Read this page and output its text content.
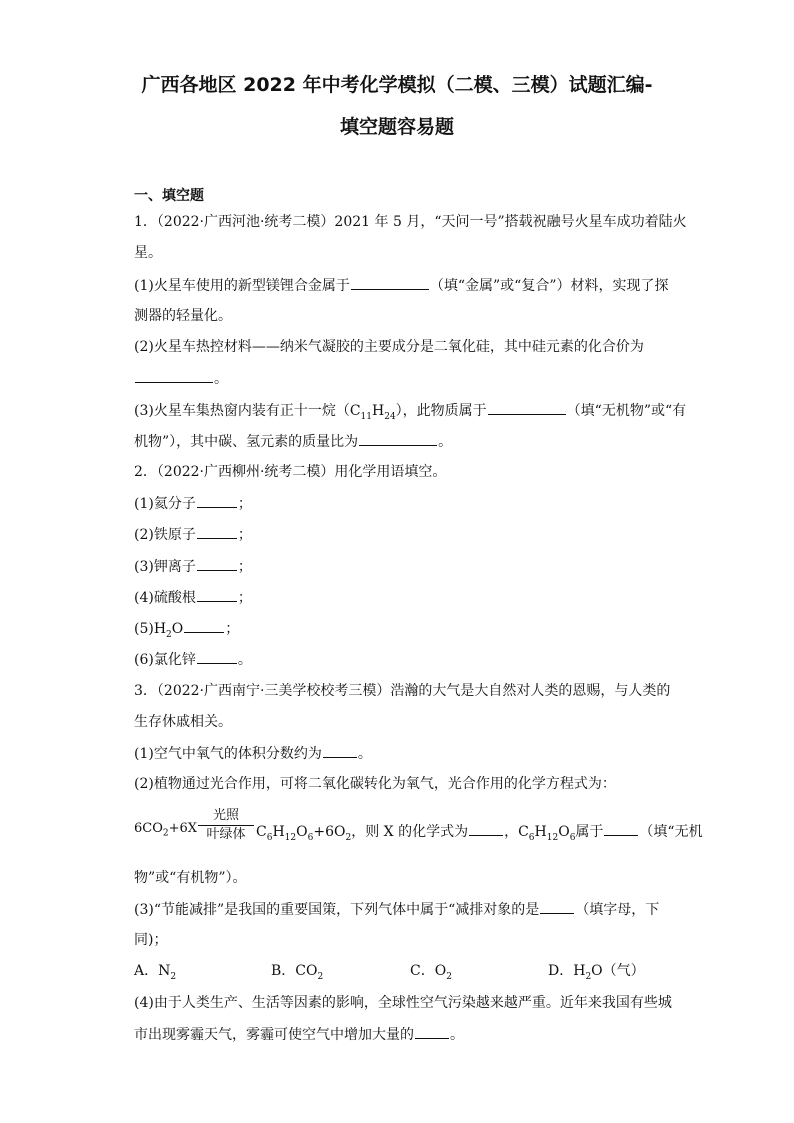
广西各地区 2022 年中考化学模拟（二模、三模）试题汇编-
填空题容易题
一、填空题
1．（2022·广西河池·统考二模）2021 年 5 月，“天问一号”搭载祝融号火星车成功着陆火
星。
(1)火星车使用的新型镁锂合金属于	（填“金属”或“复合”）材料，实现了探
测器的轻量化。
(2)火星车热控材料——纳米气凝胶的主要成分是二氧化硅，其中硅元素的化合价为
。
(3)火星车集热窗内装有正十一烷$(C_{11}H_{24})$，此物质属于	（填“无机物”或“有
机物”），其中碳、氢元素的质量比为	。
2．（2022·广西柳州·统考二模）用化学用语填空。
(1)氦分子	；
(2)铁原子	；
(3)钾离子	；
(4)硫酸根	；
$(5)H_2O$	；
(6)氯化锌	。
3．（2022·广西南宁·三美学校校考三模）浩瀚的大气是大自然对人类的恩赐，与人类的
生存休戚相关。
(1)空气中氧气的体积分数约为	。
(2)植物通过光合作用，可将二氧化碳转化为氧气，光合作用的化学方程式为：
$6CO_2+6X$
光照
叶绿体 $C_6H_{12}O_6+6O_2$，则 X 的化学式为	，$C_6H_{12}O_6$属于	（填“无机
物”或“有机物”）。
(3)“节能减排”是我国的重要国策，下列气体中属于“减排对象的是	（填字母，下
同)；
A．$N_2$	B．$CO_2$	C．$O_2$	D．$H_2O$（气）
(4)由于人类生产、生活等因素的影响，全球性空气污染越来越严重。近年来我国有些城
市出现雾霾天气，雾霾可使空气中增加大量的	。
